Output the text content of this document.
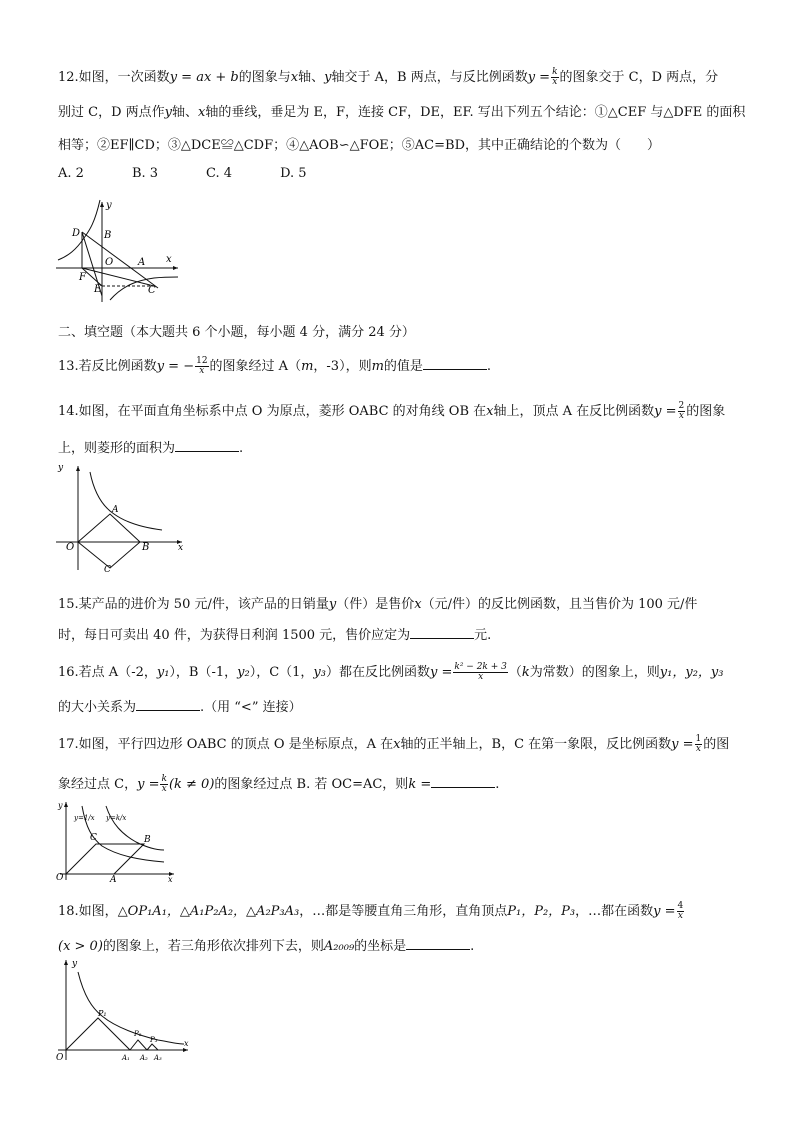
12.如图，一次函数y = ax + b的图象与x轴、y轴交于 A，B 两点，与反比例函数$y = \frac{k}{x}$ 的图象交于 C，D 两点，分
别过 C，D 两点作y轴、x轴的垂线，垂足为 E，F，连接 CF，DE，EF. 写出下列五个结论：①△CEF 与△DFE 的面积
相等；②EF∥CD；③△DCE≌△CDF；④△AOB∽△FOE；⑤AC=BD，其中正确结论的个数为（　　）
A. 2	B. 3	C. 4	D. 5
D B
O A
F
E	C
x
y
二、填空题（本大题共 6 个小题，每小题 4 分，满分 24 分）
13.若反比例函数y = − $\frac{12}{x}$ 的图象经过 A（m，-3），则m的值是	.
14.如图，在平面直角坐标系中点 O 为原点，菱形 OABC 的对角线 OB 在x轴上，顶点 A 在反比例函数$y = \frac{2}{x}$ 的图象
上，则菱形的面积为	.
y
A
O	B
C
x
15.某产品的进价为 50 元/件，该产品的日销量y（件）是售价x（元/件）的反比例函数，且当售价为 100 元/件
时，每日可卖出 40 件，为获得日利润 1500 元，售价应定为	元.
16.若点 A（-2，y₁），B（-1，y₂），C（1，y₃）都在反比例函数$y = \frac{\text{k² − 2k + 3}}{x} (k$为常数）的图象上，则y₁，y₂，y₃
的大小关系为	.（用 “<” 连接）
17.如图，平行四边形 OABC 的顶点 O 是坐标原点，A 在x轴的正半轴上，B，C 在第一象限，反比例函数$y = \frac{1}{x}$ 的图
象经过点 C，$y = \frac{k}{x} (k \ne 0)$的图象经过点 B. 若 OC=AC，则k =	.
y=1/x y=k/x
C	B
O	A	x
y
18.如图，△OP₁A₁，△A₁P₂A₂，△A₂P₃A₃，…都是等腰直角三角形，直角顶点P₁，P₂，P₃，…都在函数$y = \frac{4}{x}$
(x > 0)的图象上，若三角形依次排列下去，则A₂₀₀₉的坐标是	.
y
P₁
P₂
P₃
O	A₁ A₂ A₃
x
